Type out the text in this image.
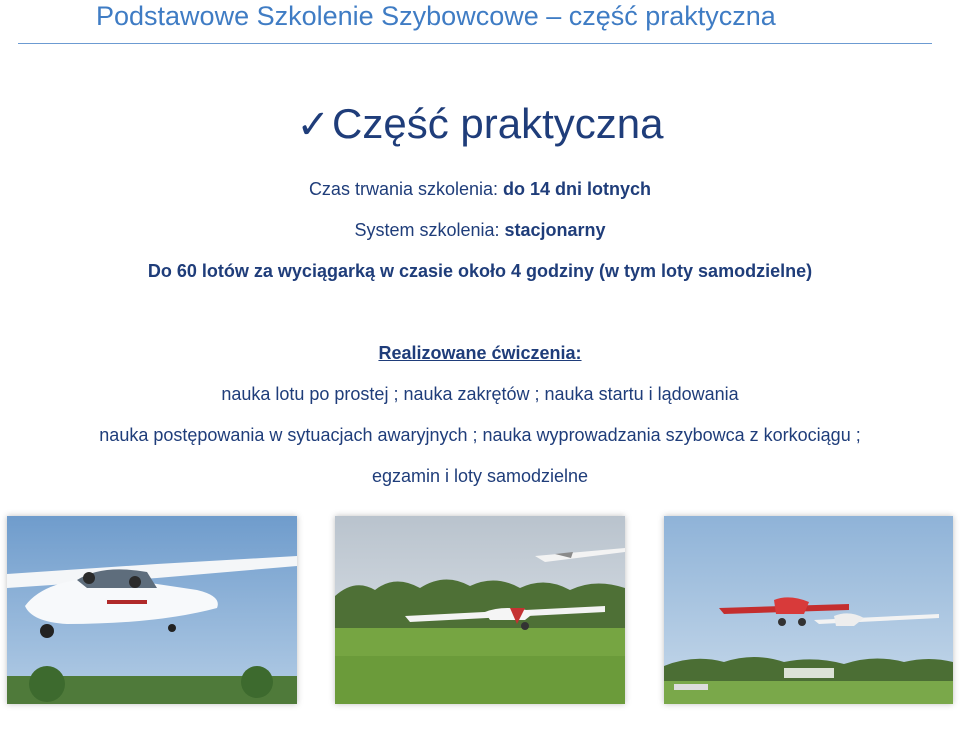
Podstawowe Szkolenie Szybowcowe – część praktyczna
✓Część praktyczna
Czas trwania szkolenia: do 14 dni lotnych
System szkolenia: stacjonarny
Do 60 lotów za wyciągarką w czasie około 4 godziny (w tym loty samodzielne)
Realizowane ćwiczenia:
nauka lotu po prostej ; nauka zakrętów ; nauka startu i lądowania
nauka postępowania w sytuacjach awaryjnych ; nauka wyprowadzania szybowca z korkociągu ;
egzamin i loty samodzielne
